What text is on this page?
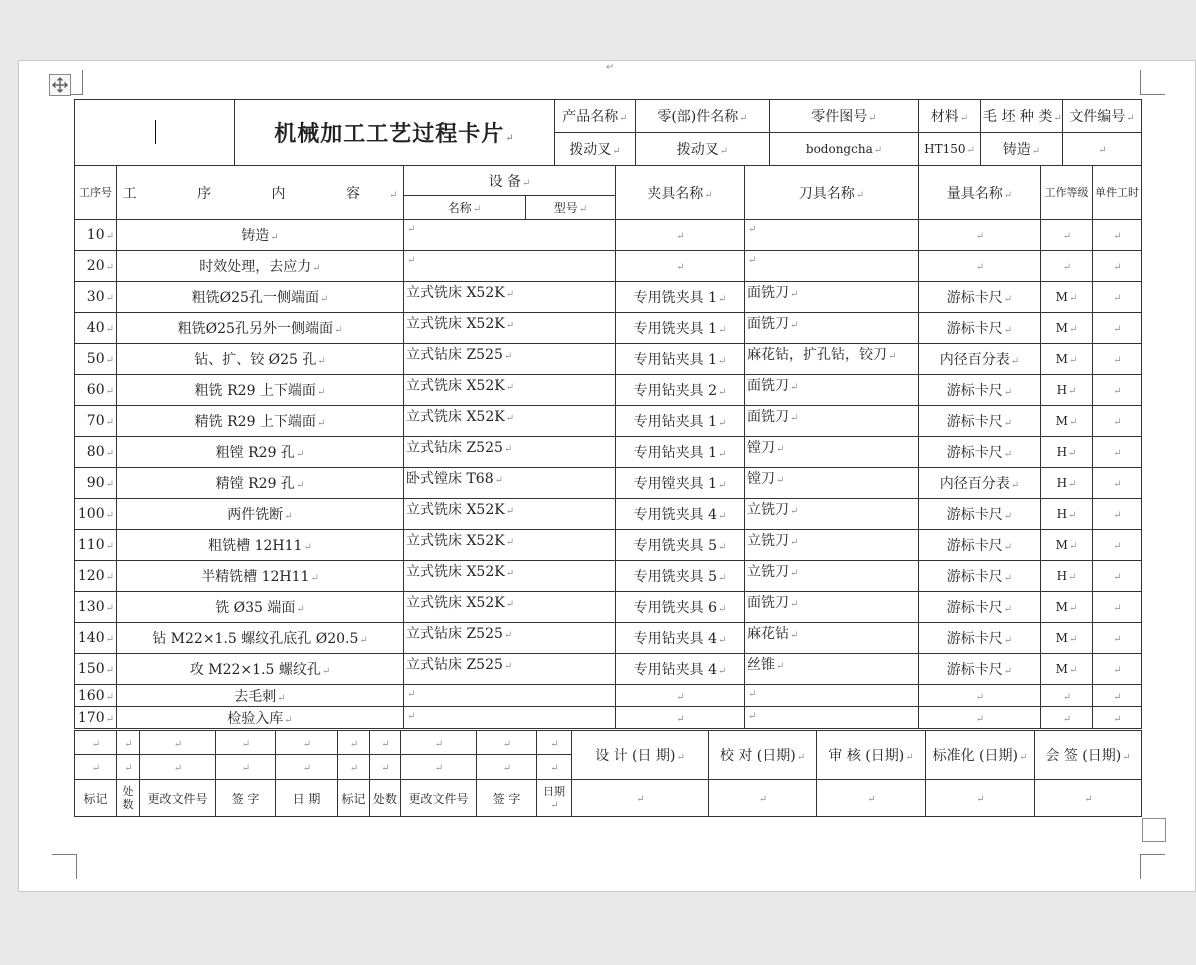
↵
	机械加工工艺过程卡片 ↵	产品名称 ↵	零(部)件名称 ↵	零件图号 ↵	材料 ↵	毛 坯 种 类 ↵	文件编号 ↵
		拨动叉 ↵	拨动叉 ↵	bodongcha ↵	HT150 ↵	铸造 ↵	↵
工序号	工 序 内 容 ↵	设 备 ↵		夹具名称 ↵	刀具名称 ↵	量具名称 ↵	工作等级	单件工时
		名称 ↵	型号 ↵
10 ↵	铸造 ↵	↵	↵	↵	↵	↵	↵
20 ↵	时效处理，去应力 ↵	↵	↵	↵	↵	↵	↵
30 ↵	粗铣Ø25孔一侧端面 ↵	立式铣床 X52K ↵		专用铣夹具 1 ↵	面铣刀 ↵	游标卡尺 ↵	M ↵	↵
40 ↵	粗铣Ø25孔另外一侧端面 ↵	立式铣床 X52K ↵		专用铣夹具 1 ↵	面铣刀 ↵	游标卡尺 ↵	M ↵	↵
50 ↵	钻、扩、铰 Ø25 孔 ↵	立式钻床 Z525 ↵		专用钻夹具 1 ↵	麻花钻，扩孔钻，铰刀 ↵	内径百分表 ↵	M ↵	↵
60 ↵	粗铣 R29 上下端面 ↵	立式铣床 X52K ↵		专用钻夹具 2 ↵	面铣刀 ↵	游标卡尺 ↵	H ↵	↵
70 ↵	精铣 R29 上下端面 ↵	立式铣床 X52K ↵		专用钻夹具 1 ↵	面铣刀 ↵	游标卡尺 ↵	M ↵	↵
80 ↵	粗镗 R29 孔 ↵	立式钻床 Z525 ↵		专用钻夹具 1 ↵	镗刀 ↵	游标卡尺 ↵	H ↵	↵
90 ↵	精镗 R29 孔 ↵	卧式镗床 T68 ↵		专用镗夹具 1 ↵	镗刀 ↵	内径百分表 ↵	H ↵	↵
100 ↵	两件铣断 ↵	立式铣床 X52K ↵		专用铣夹具 4 ↵	立铣刀 ↵	游标卡尺 ↵	H ↵	↵
110 ↵	粗铣槽 12H11 ↵	立式铣床 X52K ↵		专用铣夹具 5 ↵	立铣刀 ↵	游标卡尺 ↵	M ↵	↵
120 ↵	半精铣槽 12H11 ↵	立式铣床 X52K ↵		专用铣夹具 5 ↵	立铣刀 ↵	游标卡尺 ↵	H ↵	↵
130 ↵	铣 Ø35 端面 ↵	立式铣床 X52K ↵		专用铣夹具 6 ↵	面铣刀 ↵	游标卡尺 ↵	M ↵	↵
140 ↵	钻 M22×1.5 螺纹孔底孔 Ø20.5 ↵	立式钻床 Z525 ↵		专用钻夹具 4 ↵	麻花钻 ↵	游标卡尺 ↵	M ↵	↵
150 ↵	攻 M22×1.5 螺纹孔 ↵	立式钻床 Z525 ↵		专用钻夹具 4 ↵	丝锥 ↵	游标卡尺 ↵	M ↵	↵
160 ↵	去毛刺 ↵	↵	↵	↵	↵	↵	↵
170 ↵	检验入库 ↵	↵	↵	↵	↵	↵	↵
↵	↵	↵	↵	↵	↵	↵	↵	↵	↵	设 计 (日 期) ↵	校 对 (日期) ↵	审 核 (日期) ↵	标准化 (日期) ↵	会 签 (日期) ↵
↵	↵	↵	↵	↵	↵	↵	↵	↵	↵
标记	处数	更改文件号	签 字	日 期	标记	处数	更改文件号	签 字	日期 ↵	↵	↵	↵	↵	↵
